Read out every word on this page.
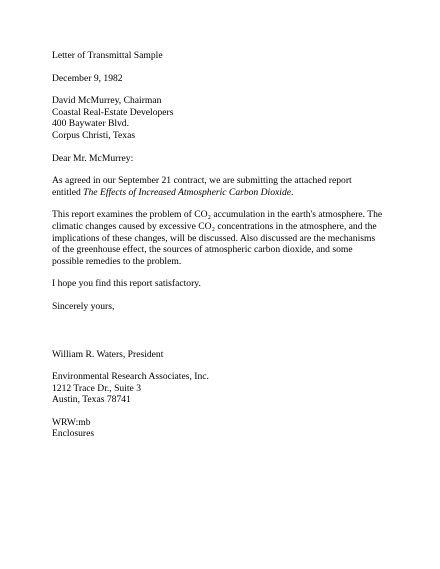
Letter of Transmittal Sample
December 9, 1982
David McMurrey, Chairman
Coastal Real-Estate Developers
400 Baywater Blvd.
Corpus Christi, Texas
Dear Mr. McMurrey:
As agreed in our September 21 contract, we are submitting the attached report
entitled The Effects of Increased Atmospheric Carbon Dioxide.
This report examines the problem of CO₂ accumulation in the earth's atmosphere. The
climatic changes caused by excessive CO₂ concentrations in the atmosphere, and the
implications of these changes, will be discussed. Also discussed are the mechanisms
of the greenhouse effect, the sources of atmospheric carbon dioxide, and some
possible remedies to the problem.
I hope you find this report satisfactory.
Sincerely yours,
William R. Waters, President
Environmental Research Associates, Inc.
1212 Trace Dr., Suite 3
Austin, Texas 78741
WRW:mb
Enclosures
